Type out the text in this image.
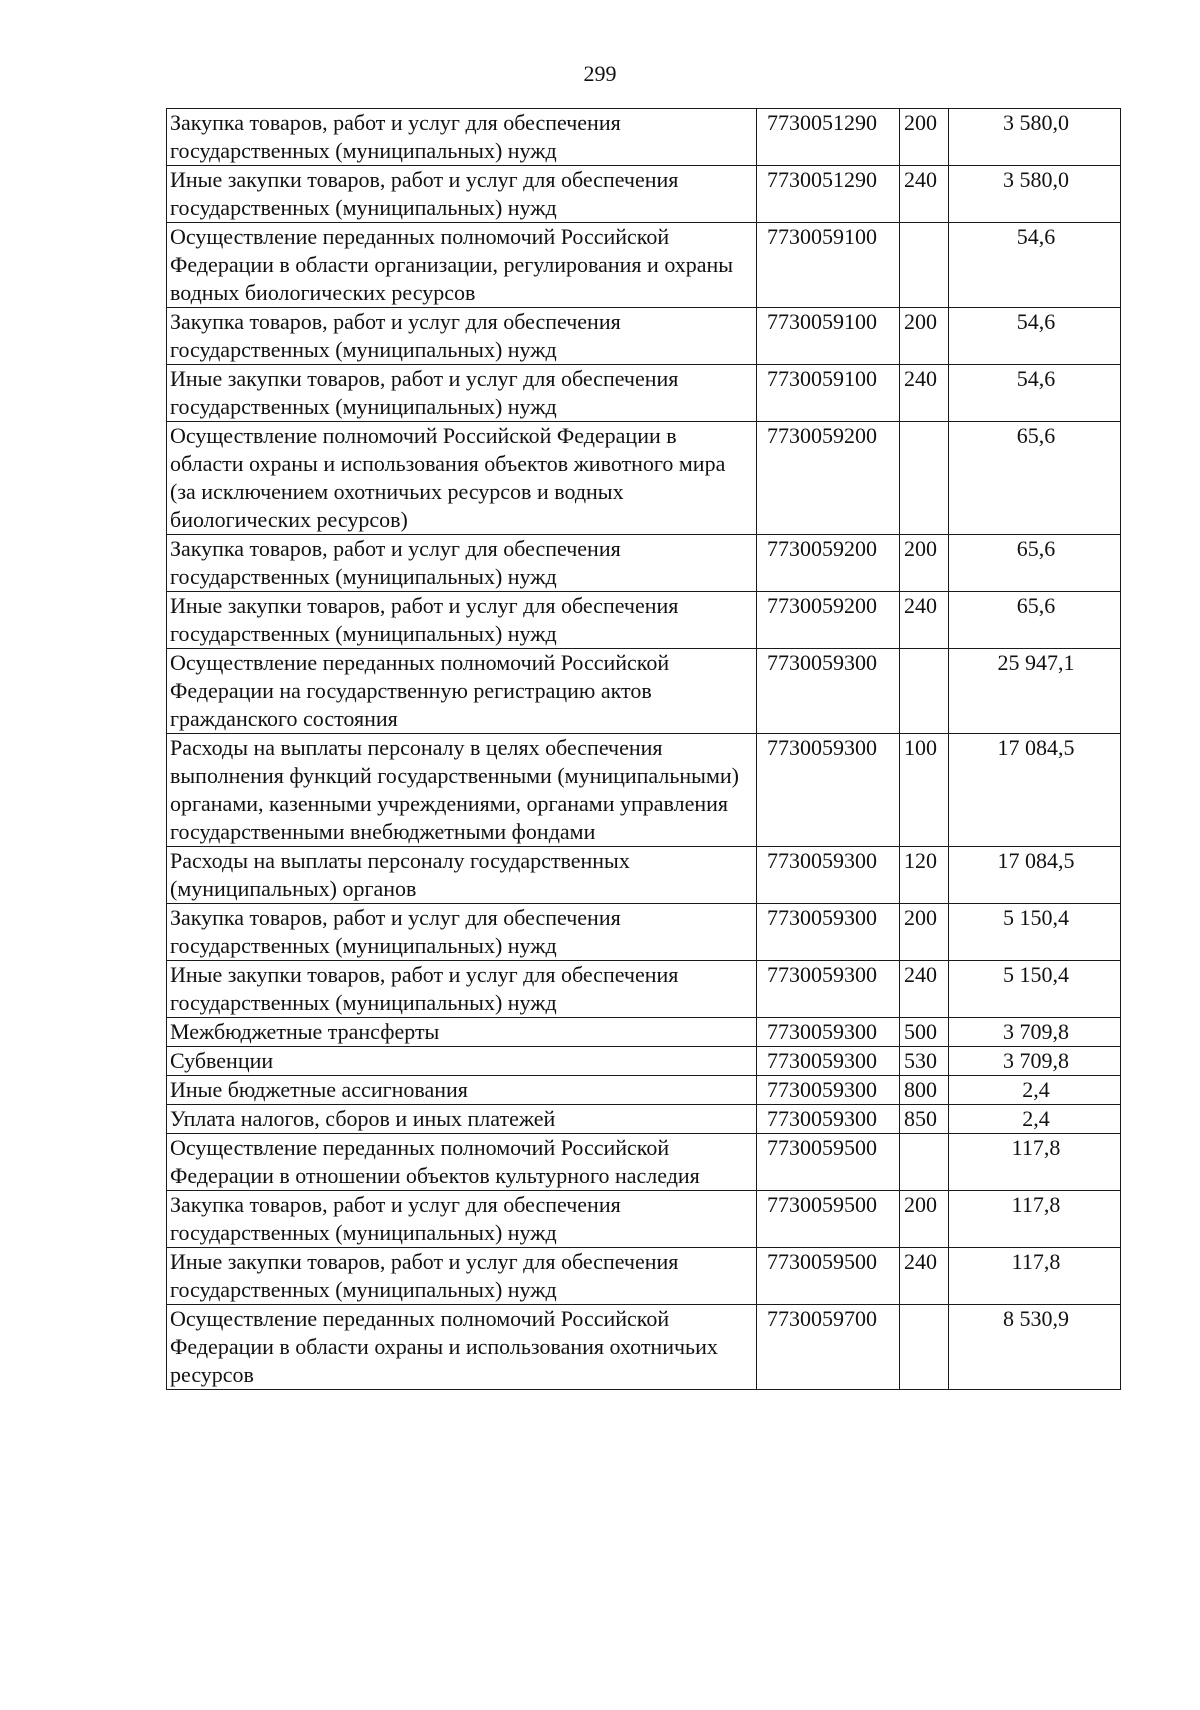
299
Закупка товаров, работ и услуг для обеспечения государственных (муниципальных) нужд	7730051290	200	3 580,0
Иные закупки товаров, работ и услуг для обеспечения государственных (муниципальных) нужд	7730051290	240	3 580,0
Осуществление переданных полномочий Российской Федерации в области организации, регулирования и охраны водных биологических ресурсов	7730059100		54,6
Закупка товаров, работ и услуг для обеспечения государственных (муниципальных) нужд	7730059100	200	54,6
Иные закупки товаров, работ и услуг для обеспечения государственных (муниципальных) нужд	7730059100	240	54,6
Осуществление полномочий Российской Федерации в области охраны и использования объектов животного мира (за исключением охотничьих ресурсов и водных биологических ресурсов)	7730059200		65,6
Закупка товаров, работ и услуг для обеспечения государственных (муниципальных) нужд	7730059200	200	65,6
Иные закупки товаров, работ и услуг для обеспечения государственных (муниципальных) нужд	7730059200	240	65,6
Осуществление переданных полномочий Российской Федерации на государственную регистрацию актов гражданского состояния	7730059300		25 947,1
Расходы на выплаты персоналу в целях обеспечения выполнения функций государственными (муниципальными) органами, казенными учреждениями, органами управления государственными внебюджетными фондами	7730059300	100	17 084,5
Расходы на выплаты персоналу государственных (муниципальных) органов	7730059300	120	17 084,5
Закупка товаров, работ и услуг для обеспечения государственных (муниципальных) нужд	7730059300	200	5 150,4
Иные закупки товаров, работ и услуг для обеспечения государственных (муниципальных) нужд	7730059300	240	5 150,4
Межбюджетные трансферты	7730059300	500	3 709,8
Субвенции	7730059300	530	3 709,8
Иные бюджетные ассигнования	7730059300	800	2,4
Уплата налогов, сборов и иных платежей	7730059300	850	2,4
Осуществление переданных полномочий Российской Федерации в отношении объектов культурного наследия	7730059500		117,8
Закупка товаров, работ и услуг для обеспечения государственных (муниципальных) нужд	7730059500	200	117,8
Иные закупки товаров, работ и услуг для обеспечения государственных (муниципальных) нужд	7730059500	240	117,8
Осуществление переданных полномочий Российской Федерации в области охраны и использования охотничьих ресурсов	7730059700		8 530,9
